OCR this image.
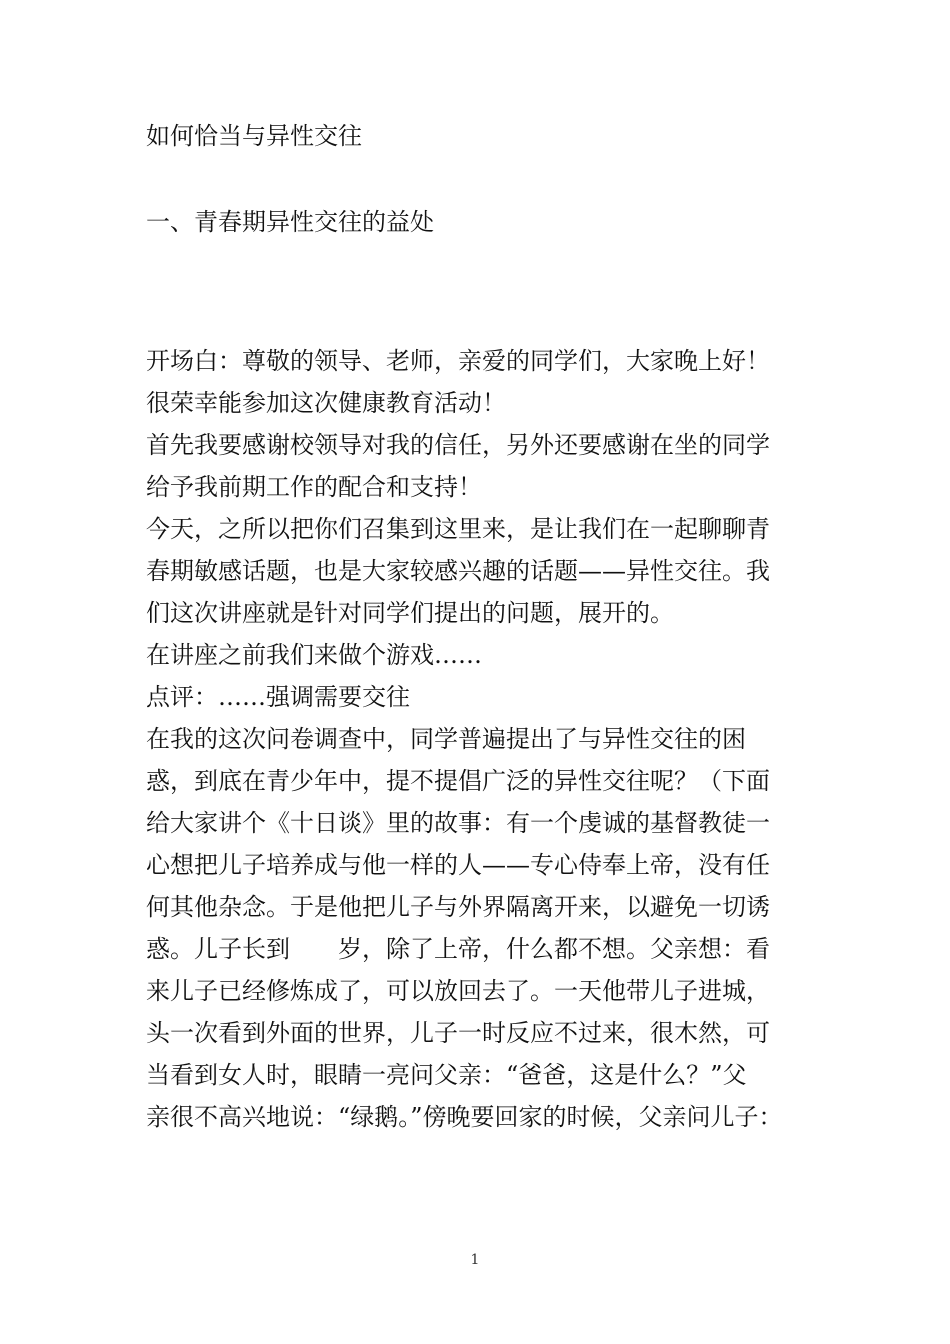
如何恰当与异性交往
一、青春期异性交往的益处
开场白：尊敬的领导、老师，亲爱的同学们，大家晚上好！
很荣幸能参加这次健康教育活动！
首先我要感谢校领导对我的信任，另外还要感谢在坐的同学
给予我前期工作的配合和支持！
今天，之所以把你们召集到这里来，是让我们在一起聊聊青
春期敏感话题，也是大家较感兴趣的话题——异性交往。我
们这次讲座就是针对同学们提出的问题，展开的。
在讲座之前我们来做个游戏……
点评：……强调需要交往
在我的这次问卷调查中，同学普遍提出了与异性交往的困
惑，到底在青少年中，提不提倡广泛的异性交往呢？（下面
给大家讲个《十日谈》里的故事：有一个虔诚的基督教徒一
心想把儿子培养成与他一样的人——专心侍奉上帝，没有任
何其他杂念。于是他把儿子与外界隔离开来，以避免一切诱
惑。儿子长到　　岁，除了上帝，什么都不想。父亲想：看
来儿子已经修炼成了，可以放回去了。一天他带儿子进城，
头一次看到外面的世界，儿子一时反应不过来，很木然，可
当看到女人时，眼睛一亮问父亲：“爸爸，这是什么？”父
亲很不高兴地说：“绿鹅。”傍晚要回家的时候，父亲问儿子：
1
